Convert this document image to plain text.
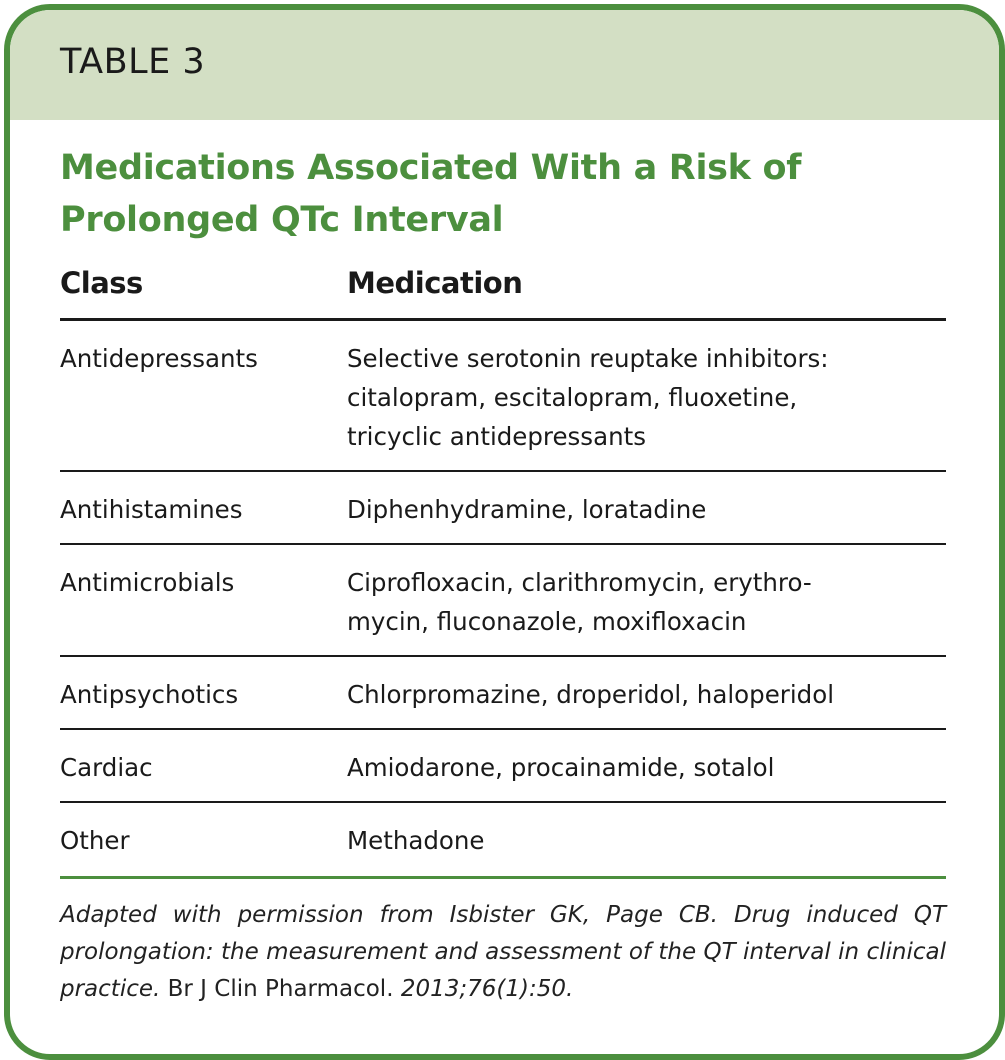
TABLE 3
Medications Associated With a Risk of
Prolonged QTc Interval
Class	Medication
Antidepressants	Selective serotonin reuptake inhibitors:
citalopram, escitalopram, fluoxetine,
tricyclic antidepressants
Antihistamines	Diphenhydramine, loratadine
Antimicrobials	Ciprofloxacin, clarithromycin, erythro-
mycin, fluconazole, moxifloxacin
Antipsychotics	Chlorpromazine, droperidol, haloperidol
Cardiac	Amiodarone, procainamide, sotalol
Other	Methadone
Adapted with permission from Isbister GK, Page CB. Drug induced QT prolongation: the measurement and assessment of the QT interval in clinical practice. Br J Clin Pharmacol. 2013;76(1):50.
